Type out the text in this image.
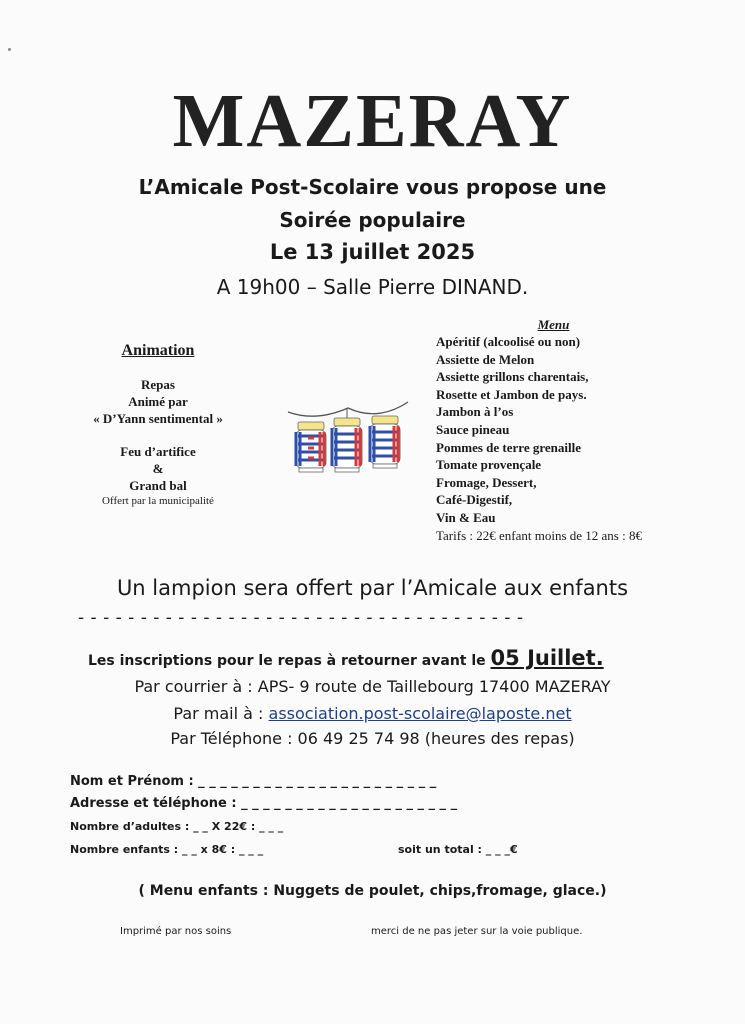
MAZERAY
L’Amicale Post-Scolaire vous propose une
Soirée populaire
Le 13 juillet 2025
A 19h00 – Salle Pierre DINAND.
Animation
Repas
Animé par
« D’Yann sentimental »
Feu d’artifice
&
Grand bal
Offert par la municipalité
Menu
Apéritif (alcoolisé ou non)
Assiette de Melon
Assiette grillons charentais,
Rosette et Jambon de pays.
Jambon à l’os
Sauce pineau
Pommes de terre grenaille
Tomate provençale
Fromage, Dessert,
Café-Digestif,
Vin & Eau
Tarifs : 22€ enfant moins de 12 ans : 8€
Un lampion sera offert par l’Amicale aux enfants
- - - - - - - - - - - - - - - - - - - - - - - - - - - - - - - - - - - -
Les inscriptions pour le repas à retourner avant le 05 Juillet.
Par courrier à : APS- 9 route de Taillebourg 17400 MAZERAY
Par mail à : association.post-scolaire@laposte.net
Par Téléphone : 06 49 25 74 98 (heures des repas)
Nom et Prénom : _ _ _ _ _ _ _ _ _ _ _ _ _ _ _ _ _ _ _ _ _ _
Adresse et téléphone : _ _ _ _ _ _ _ _ _ _ _ _ _ _ _ _ _ _ _ _
Nombre d’adultes : _ _ X 22€ : _ _ _
Nombre enfants : _ _ x 8€ : _ _ _	soit un total : _ _ _€
( Menu enfants : Nuggets de poulet, chips,fromage, glace.)
Imprimé par nos soins	merci de ne pas jeter sur la voie publique.
